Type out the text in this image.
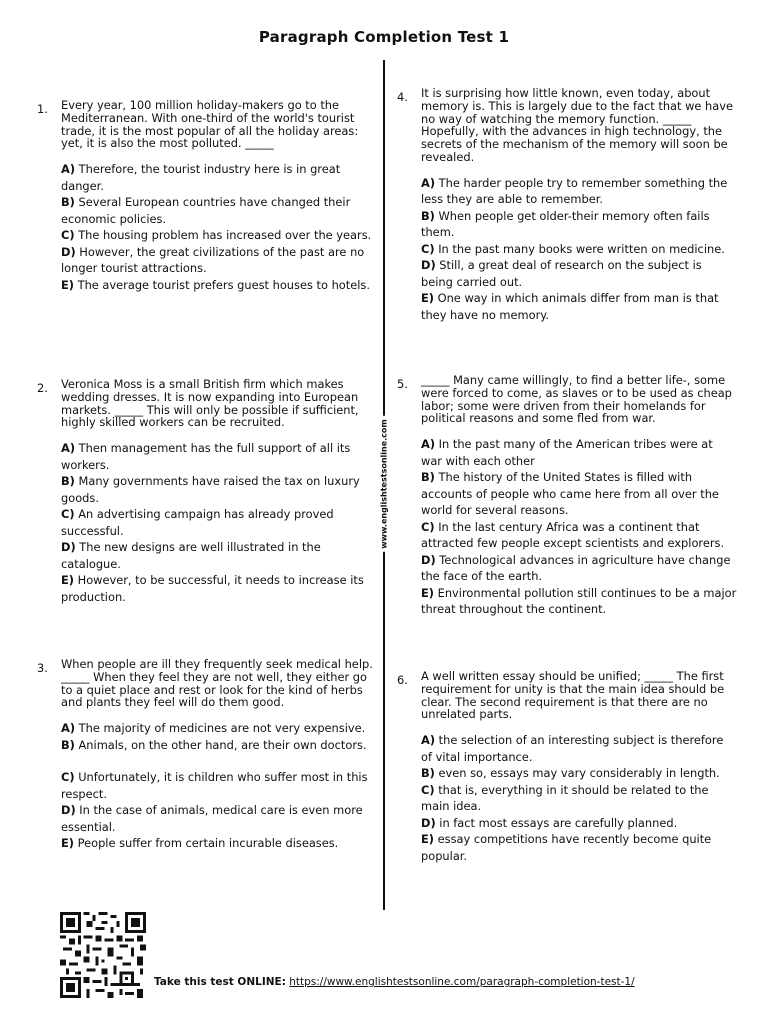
Paragraph Completion Test 1
www.englishtestsonline.com
1. Every year, 100 million holiday-makers go to the Mediterranean. With one-third of the world's tourist trade, it is the most popular of all the holiday areas: yet, it is also the most polluted. _____
A) Therefore, the tourist industry here is in great danger.
B) Several European countries have changed their economic policies.
C) The housing problem has increased over the years.
D) However, the great civilizations of the past are no longer tourist attractions.
E) The average tourist prefers guest houses to hotels.
2. Veronica Moss is a small British firm which makes wedding dresses. It is now expanding into European markets. _____ This will only be possible if sufficient, highly skilled workers can be recruited.
A) Then management has the full support of all its workers.
B) Many governments have raised the tax on luxury goods.
C) An advertising campaign has already proved successful.
D) The new designs are well illustrated in the catalogue.
E) However, to be successful, it needs to increase its production.
3. When people are ill they frequently seek medical help. _____ When they feel they are not well, they either go to a quiet place and rest or look for the kind of herbs and plants they feel will do them good.
A) The majority of medicines are not very expensive.
B) Animals, on the other hand, are their own doctors.
C) Unfortunately, it is children who suffer most in this respect.
D) In the case of animals, medical care is even more essential.
E) People suffer from certain incurable diseases.
4. It is surprising how little known, even today, about memory is. This is largely due to the fact that we have no way of watching the memory function. _____ Hopefully, with the advances in high technology, the secrets of the mechanism of the memory will soon be revealed.
A) The harder people try to remember something the less they are able to remember.
B) When people get older-their memory often fails them.
C) In the past many books were written on medicine.
D) Still, a great deal of research on the subject is being carried out.
E) One way in which animals differ from man is that they have no memory.
5. _____ Many came willingly, to find a better life-, some were forced to come, as slaves or to be used as cheap labor; some were driven from their homelands for political reasons and some fled from war.
A) In the past many of the American tribes were at war with each other
B) The history of the United States is filled with accounts of people who came here from all over the world for several reasons.
C) In the last century Africa was a continent that attracted few people except scientists and explorers.
D) Technological advances in agriculture have change the face of the earth.
E) Environmental pollution still continues to be a major threat throughout the continent.
6. A well written essay should be unified; _____ The first requirement for unity is that the main idea should be clear. The second requirement is that there are no unrelated parts.
A) the selection of an interesting subject is therefore of vital importance.
B) even so, essays may vary considerably in length.
C) that is, everything in it should be related to the main idea.
D) in fact most essays are carefully planned.
E) essay competitions have recently become quite popular.
Take this test ONLINE: https://www.englishtestsonline.com/paragraph-completion-test-1/
